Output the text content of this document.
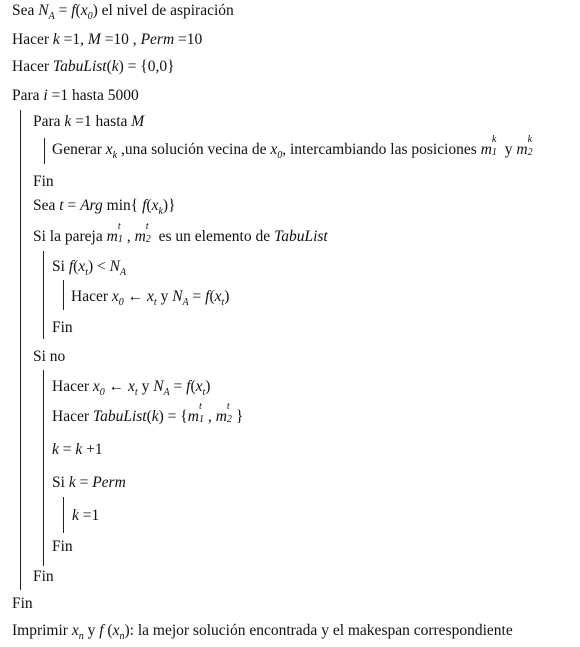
Sea $N_A = f(x_0)$ el nivel de aspiración
Hacer k =1, M =10 , Perm =10
Hacer TabuList(k) = {0,0}
Para i =1 hasta 5000
Para k =1 hasta M
Generar $x_k$ ,una solución vecina de $x_0$, intercambiando las posiciones m
k
1 y m
k
2
Fin
Sea t = Arg min{ $f(x_k)$}
Si la pareja m
t
1 , m
t
2 es un elemento de TabuList
Si $f(x_t) < N_A$
Hacer $x_0$ ← $x_t$ y $N_A = f(x_t)$
Fin
Si no
Hacer $x_0$ ← $x_t$ y $N_A = f(x_t)$
Hacer TabuList(k) = {m
t
1 , m
t
2 }
k = k +1
Si k = Perm
k =1
Fin
Fin
Fin
Imprimir $x_n$ y f $(x_n)$: la mejor solución encontrada y el makespan correspondiente
